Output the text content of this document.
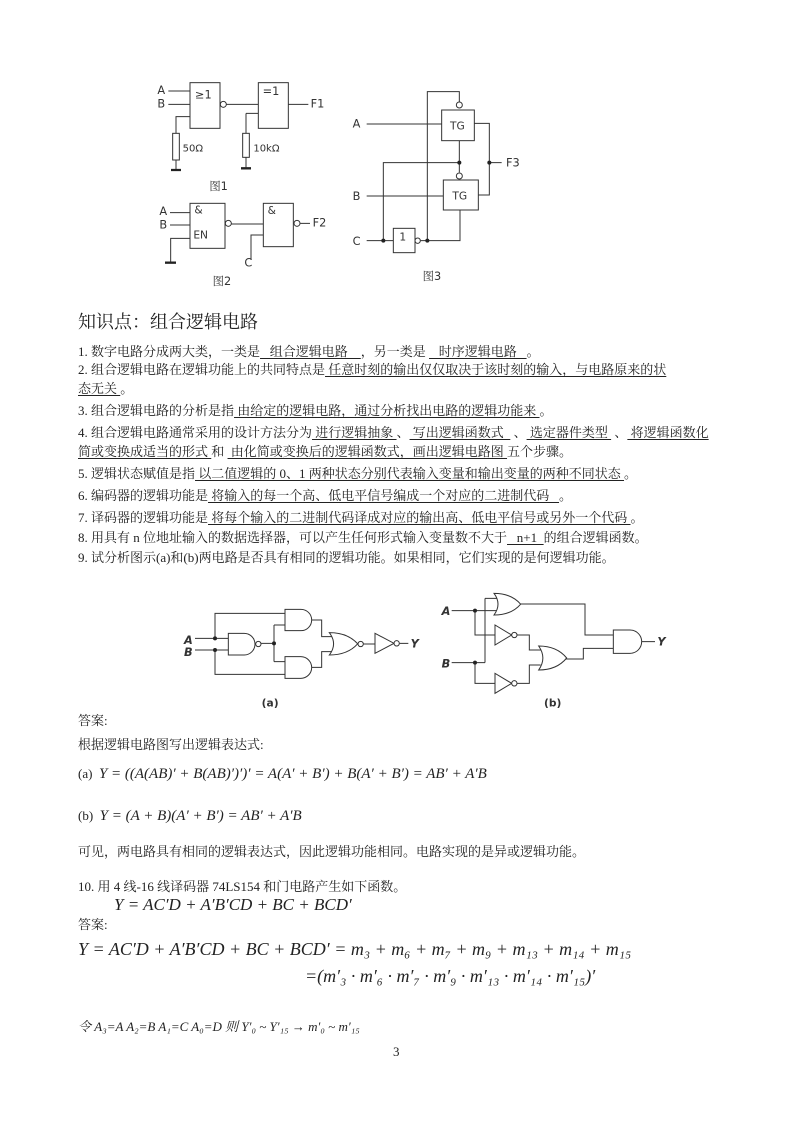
A
B
≥1 =1
F1
50Ω 10kΩ
图1
A
B
&
EN
&
F2
C
图2
A
B
C
TG
TG
1
F3
图3
知识点：组合逻辑电路
1. 数字电路分成两大类，一类是   组合逻辑电路    ，另一类是    时序逻辑电路   。
2. 组合逻辑电路在逻辑功能上的共同特点是 任意时刻的输出仅仅取决于该时刻的输入，与电路原来的状
态无关 。
3. 组合逻辑电路的分析是指 由给定的逻辑电路，通过分析找出电路的逻辑功能来 。
4. 组合逻辑电路通常采用的设计方法分为 进行逻辑抽象 、 写出逻辑函数式   、 选定器件类型  、 将逻辑函数化
简或变换成适当的形式 和  由化简或变换后的逻辑函数式，画出逻辑电路图 五个步骤。
5. 逻辑状态赋值是指 以二值逻辑的 0、1 两种状态分别代表输入变量和输出变量的两种不同状态 。
6. 编码器的逻辑功能是 将输入的每一个高、低电平信号编成一个对应的二进制代码   。
7. 译码器的逻辑功能是 将每个输入的二进制代码译成对应的输出高、低电平信号或另外一个代码 。
8. 用具有 n 位地址输入的数据选择器，可以产生任何形式输入变量数不大于   n+1  的组合逻辑函数。
9. 试分析图示(a)和(b)两电路是否具有相同的逻辑功能。如果相同，它们实现的是何逻辑功能。
A
B
Y
(a)
A
B
Y
(b)
答案:
根据逻辑电路图写出逻辑表达式:
(a) Y = ((A(AB)′ + B(AB)′)′)′ = A(A′ + B′) + B(A′ + B′) = AB′ + A′B
(b) Y = (A + B)(A′ + B′) = AB′ + A′B
可见，两电路具有相同的逻辑表达式，因此逻辑功能相同。电路实现的是异或逻辑功能。
10. 用 4 线-16 线译码器 74LS154 和门电路产生如下函数。
Y = AC′D + A′B′CD + BC + BCD′
答案:
Y = AC′D + A′B′CD + BC + BCD′ = m₃ + m₆ + m₇ + m₉ + m₁₃ + m₁₄ + m₁₅
=(m′₃ · m′₆ · m′₇ · m′₉ · m′₁₃ · m′₁₄ · m′₁₅)′
令 A₃=A A₂=B A₁=C A₀=D 则 Y′₀ ~ Y′₁₅ → m′₀ ~ m′₁₅
3
